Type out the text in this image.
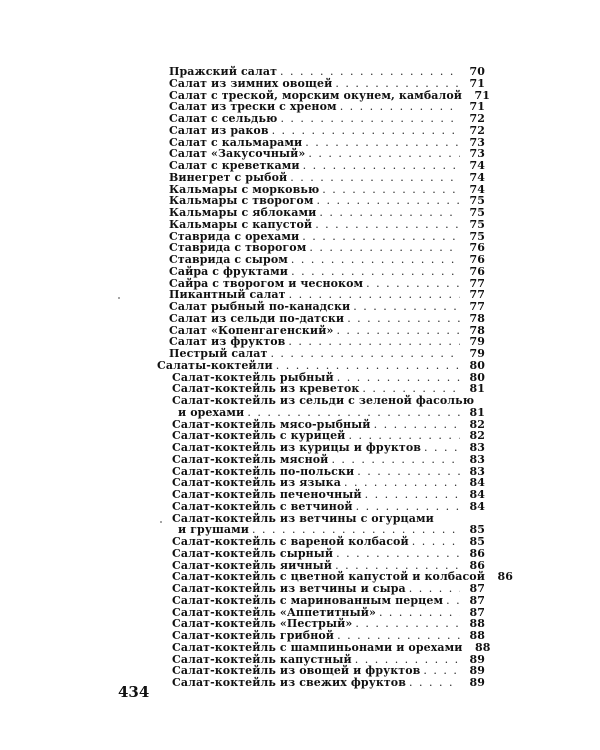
Пражский салат . . .	70
Салат из зимних овощей . . .	71
Салат с треской, морским окунем, камбалой	71
Салат из трески с хреном . . .	71
Салат с сельдью . . .	72
Салат из раков . . .	72
Салат с кальмарами . . .	73
Салат «Закусочный» . . .	73
Салат с креветками . . .	74
Винегрет с рыбой . . .	74
Кальмары с морковью . . .	74
Кальмары с творогом . . .	75
Кальмары с яблоками . . .	75
Кальмары с капустой . . .	75
Ставрида с орехами . . .	75
Ставрида с творогом . . .	76
Ставрида с сыром . . .	76
Сайра с фруктами . . .	76
Сайра с творогом и чесноком . . .	77
Пикантный салат . . .	77
Салат рыбный по-канадски . . .	77
Салат из сельди по-датски . . .	78
Салат «Копенгагенский» . . .	78
Салат из фруктов . . .	79
Пестрый салат . . .	79
Салаты-коктейли . . .	80
Салат-коктейль рыбный . . .	80
Салат-коктейль из креветок . . .	81
Салат-коктейль из сельди с зеленой фасолью
и орехами . . .	81
Салат-коктейль мясо-рыбный . . .	82
Салат-коктейль с курицей . . .	82
Салат-коктейль из курицы и фруктов . . .	83
Салат-коктейль мясной . . .	83
Салат-коктейль по-польски . . .	83
Салат-коктейль из языка . . .	84
Салат-коктейль печеночный . . .	84
Салат-коктейль с ветчиной . . .	84
Салат-коктейль из ветчины с огурцами
и грушами . . .	85
Салат-коктейль с вареной колбасой . . .	85
Салат-коктейль сырный . . .	86
Салат-коктейль яичный . . .	86
Салат-коктейль с цветной капустой и колбасой	86
Салат-коктейль из ветчины и сыра . . .	87
Салат-коктейль с маринованным перцем . . .	87
Салат-коктейль «Аппетитный» . . .	87
Салат-коктейль «Пестрый» . . .	88
Салат-коктейль грибной . . .	88
Салат-коктейль с шампиньонами и орехами	88
Салат-коктейль капустный . . .	89
Салат-коктейль из овощей и фруктов . . .	89
Салат-коктейль из свежих фруктов . . .	89
434
